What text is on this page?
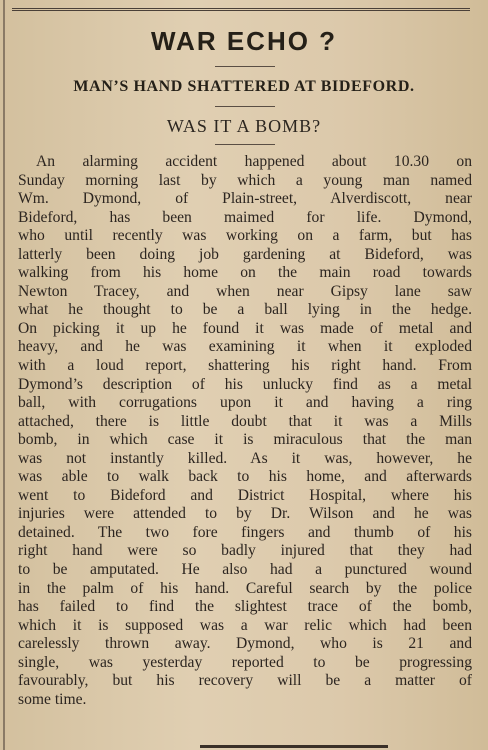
WAR ECHO ?
MAN’S HAND SHATTERED AT BIDEFORD.
WAS IT A BOMB?
An alarming accident happened about 10.30 on
Sunday morning last by which a young man named
Wm. Dymond, of Plain-street, Alverdiscott, near
Bideford, has been maimed for life. Dymond,
who until recently was working on a farm, but has
latterly been doing job gardening at Bideford, was
walking from his home on the main road towards
Newton Tracey, and when near Gipsy lane saw
what he thought to be a ball lying in the hedge.
On picking it up he found it was made of metal and
heavy, and he was examining it when it exploded
with a loud report, shattering his right hand. From
Dymond’s description of his unlucky find as a metal
ball, with corrugations upon it and having a ring
attached, there is little doubt that it was a Mills
bomb, in which case it is miraculous that the man
was not instantly killed. As it was, however, he
was able to walk back to his home, and afterwards
went to Bideford and District Hospital, where his
injuries were attended to by Dr. Wilson and he was
detained. The two fore fingers and thumb of his
right hand were so badly injured that they had
to be amputated. He also had a punctured wound
in the palm of his hand. Careful search by the police
has failed to find the slightest trace of the bomb,
which it is supposed was a war relic which had been
carelessly thrown away. Dymond, who is 21 and
single, was yesterday reported to be progressing
favourably, but his recovery will be a matter of
some time.
